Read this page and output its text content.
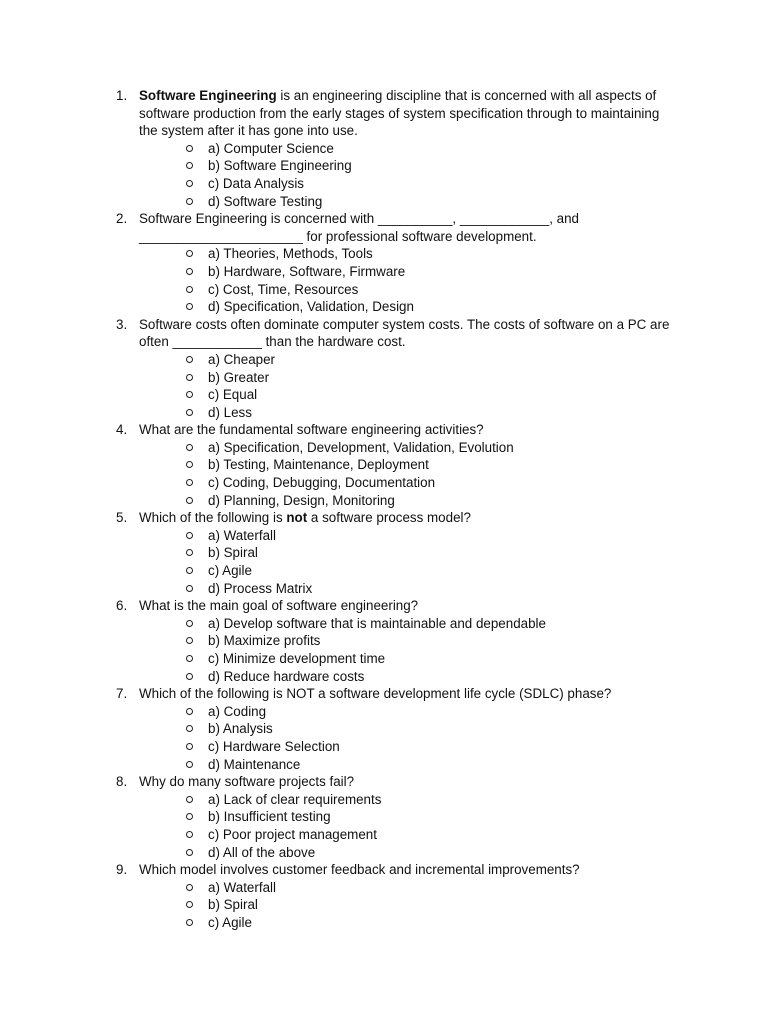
1. Software Engineering is an engineering discipline that is concerned with all aspects of software production from the early stages of system specification through to maintaining the system after it has gone into use.
a) Computer Science
b) Software Engineering
c) Data Analysis
d) Software Testing
2. Software Engineering is concerned with __________, ____________, and ______________________ for professional software development.
a) Theories, Methods, Tools
b) Hardware, Software, Firmware
c) Cost, Time, Resources
d) Specification, Validation, Design
3. Software costs often dominate computer system costs. The costs of software on a PC are often ____________ than the hardware cost.
a) Cheaper
b) Greater
c) Equal
d) Less
4. What are the fundamental software engineering activities?
a) Specification, Development, Validation, Evolution
b) Testing, Maintenance, Deployment
c) Coding, Debugging, Documentation
d) Planning, Design, Monitoring
5. Which of the following is not a software process model?
a) Waterfall
b) Spiral
c) Agile
d) Process Matrix
6. What is the main goal of software engineering?
a) Develop software that is maintainable and dependable
b) Maximize profits
c) Minimize development time
d) Reduce hardware costs
7. Which of the following is NOT a software development life cycle (SDLC) phase?
a) Coding
b) Analysis
c) Hardware Selection
d) Maintenance
8. Why do many software projects fail?
a) Lack of clear requirements
b) Insufficient testing
c) Poor project management
d) All of the above
9. Which model involves customer feedback and incremental improvements?
a) Waterfall
b) Spiral
c) Agile
